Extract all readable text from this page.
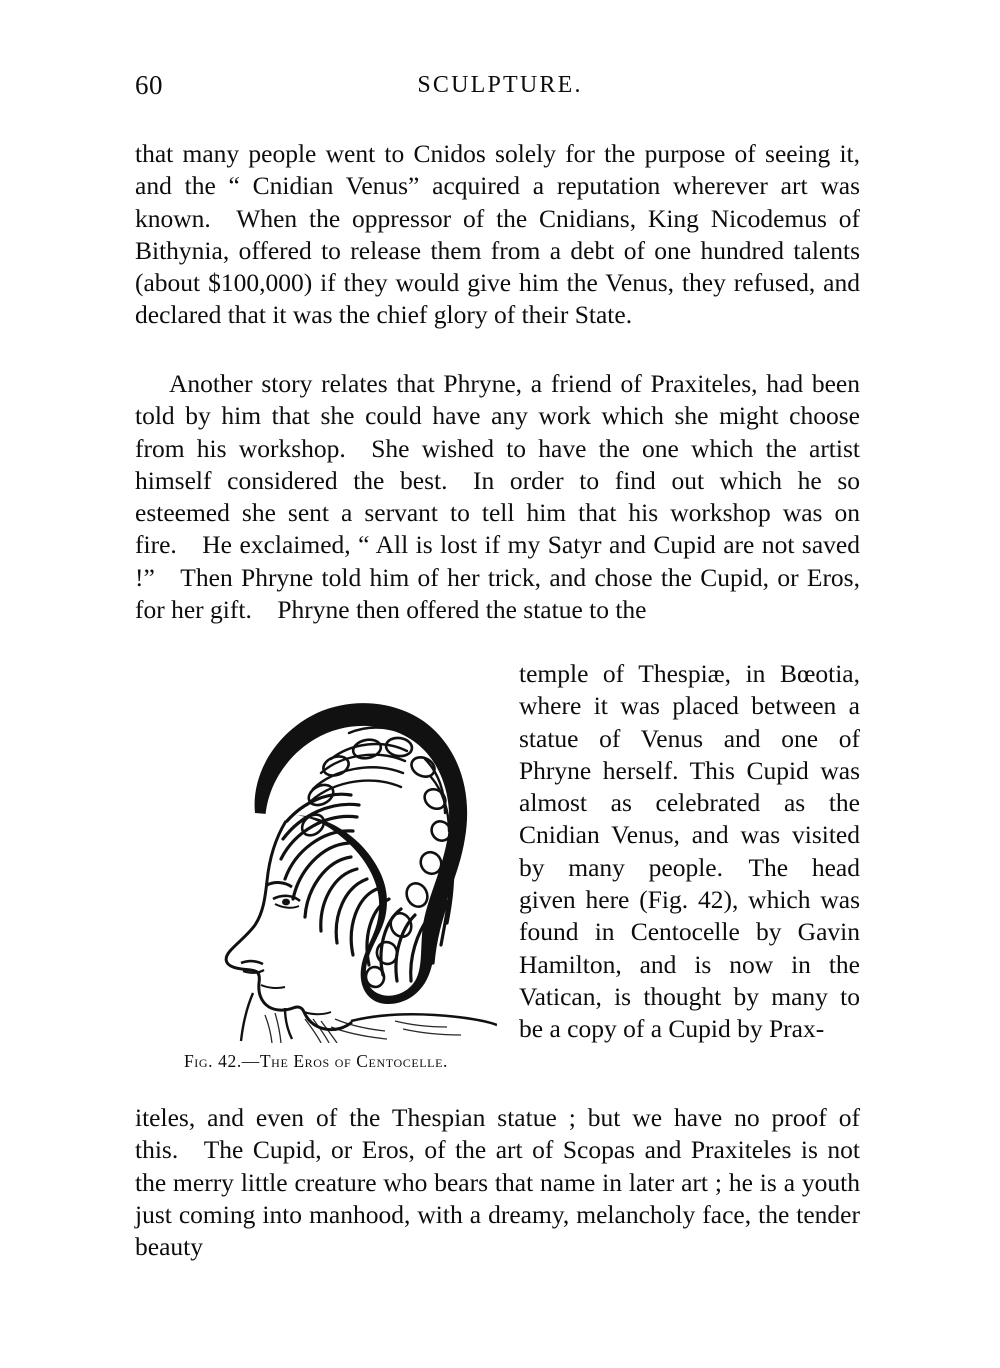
60	SCULPTURE.

that many people went to Cnidos solely for the purpose of seeing it, and the “ Cnidian Venus” acquired a reputation wherever art was known. When the oppressor of the Cnidians, King Nicodemus of Bithynia, offered to release them from a debt of one hundred talents (about $100,000) if they would give him the Venus, they refused, and declared that it was the chief glory of their State.

Another story relates that Phryne, a friend of Praxiteles, had been told by him that she could have any work which she might choose from his workshop. She wished to have the one which the artist himself considered the best. In order to find out which he so esteemed she sent a servant to tell him that his workshop was on fire. He exclaimed, “ All is lost if my Satyr and Cupid are not saved !” Then Phryne told him of her trick, and chose the Cupid, or Eros, for her gift. Phryne then offered the statue to the

Fig. 42.—The Eros of Centocelle.

temple of Thespiæ, in Bœotia, where it was placed between a statue of Venus and one of Phryne herself. This Cupid was almost as celebrated as the Cnidian Venus, and was visited by many people. The head given here (Fig. 42), which was found in Centocelle by Gavin Hamilton, and is now in the Vatican, is thought by many to be a copy of a Cupid by Prax-

iteles, and even of the Thespian statue ; but we have no proof of this. The Cupid, or Eros, of the art of Scopas and Praxiteles is not the merry little creature who bears that name in later art ; he is a youth just coming into manhood, with a dreamy, melancholy face, the tender beauty
